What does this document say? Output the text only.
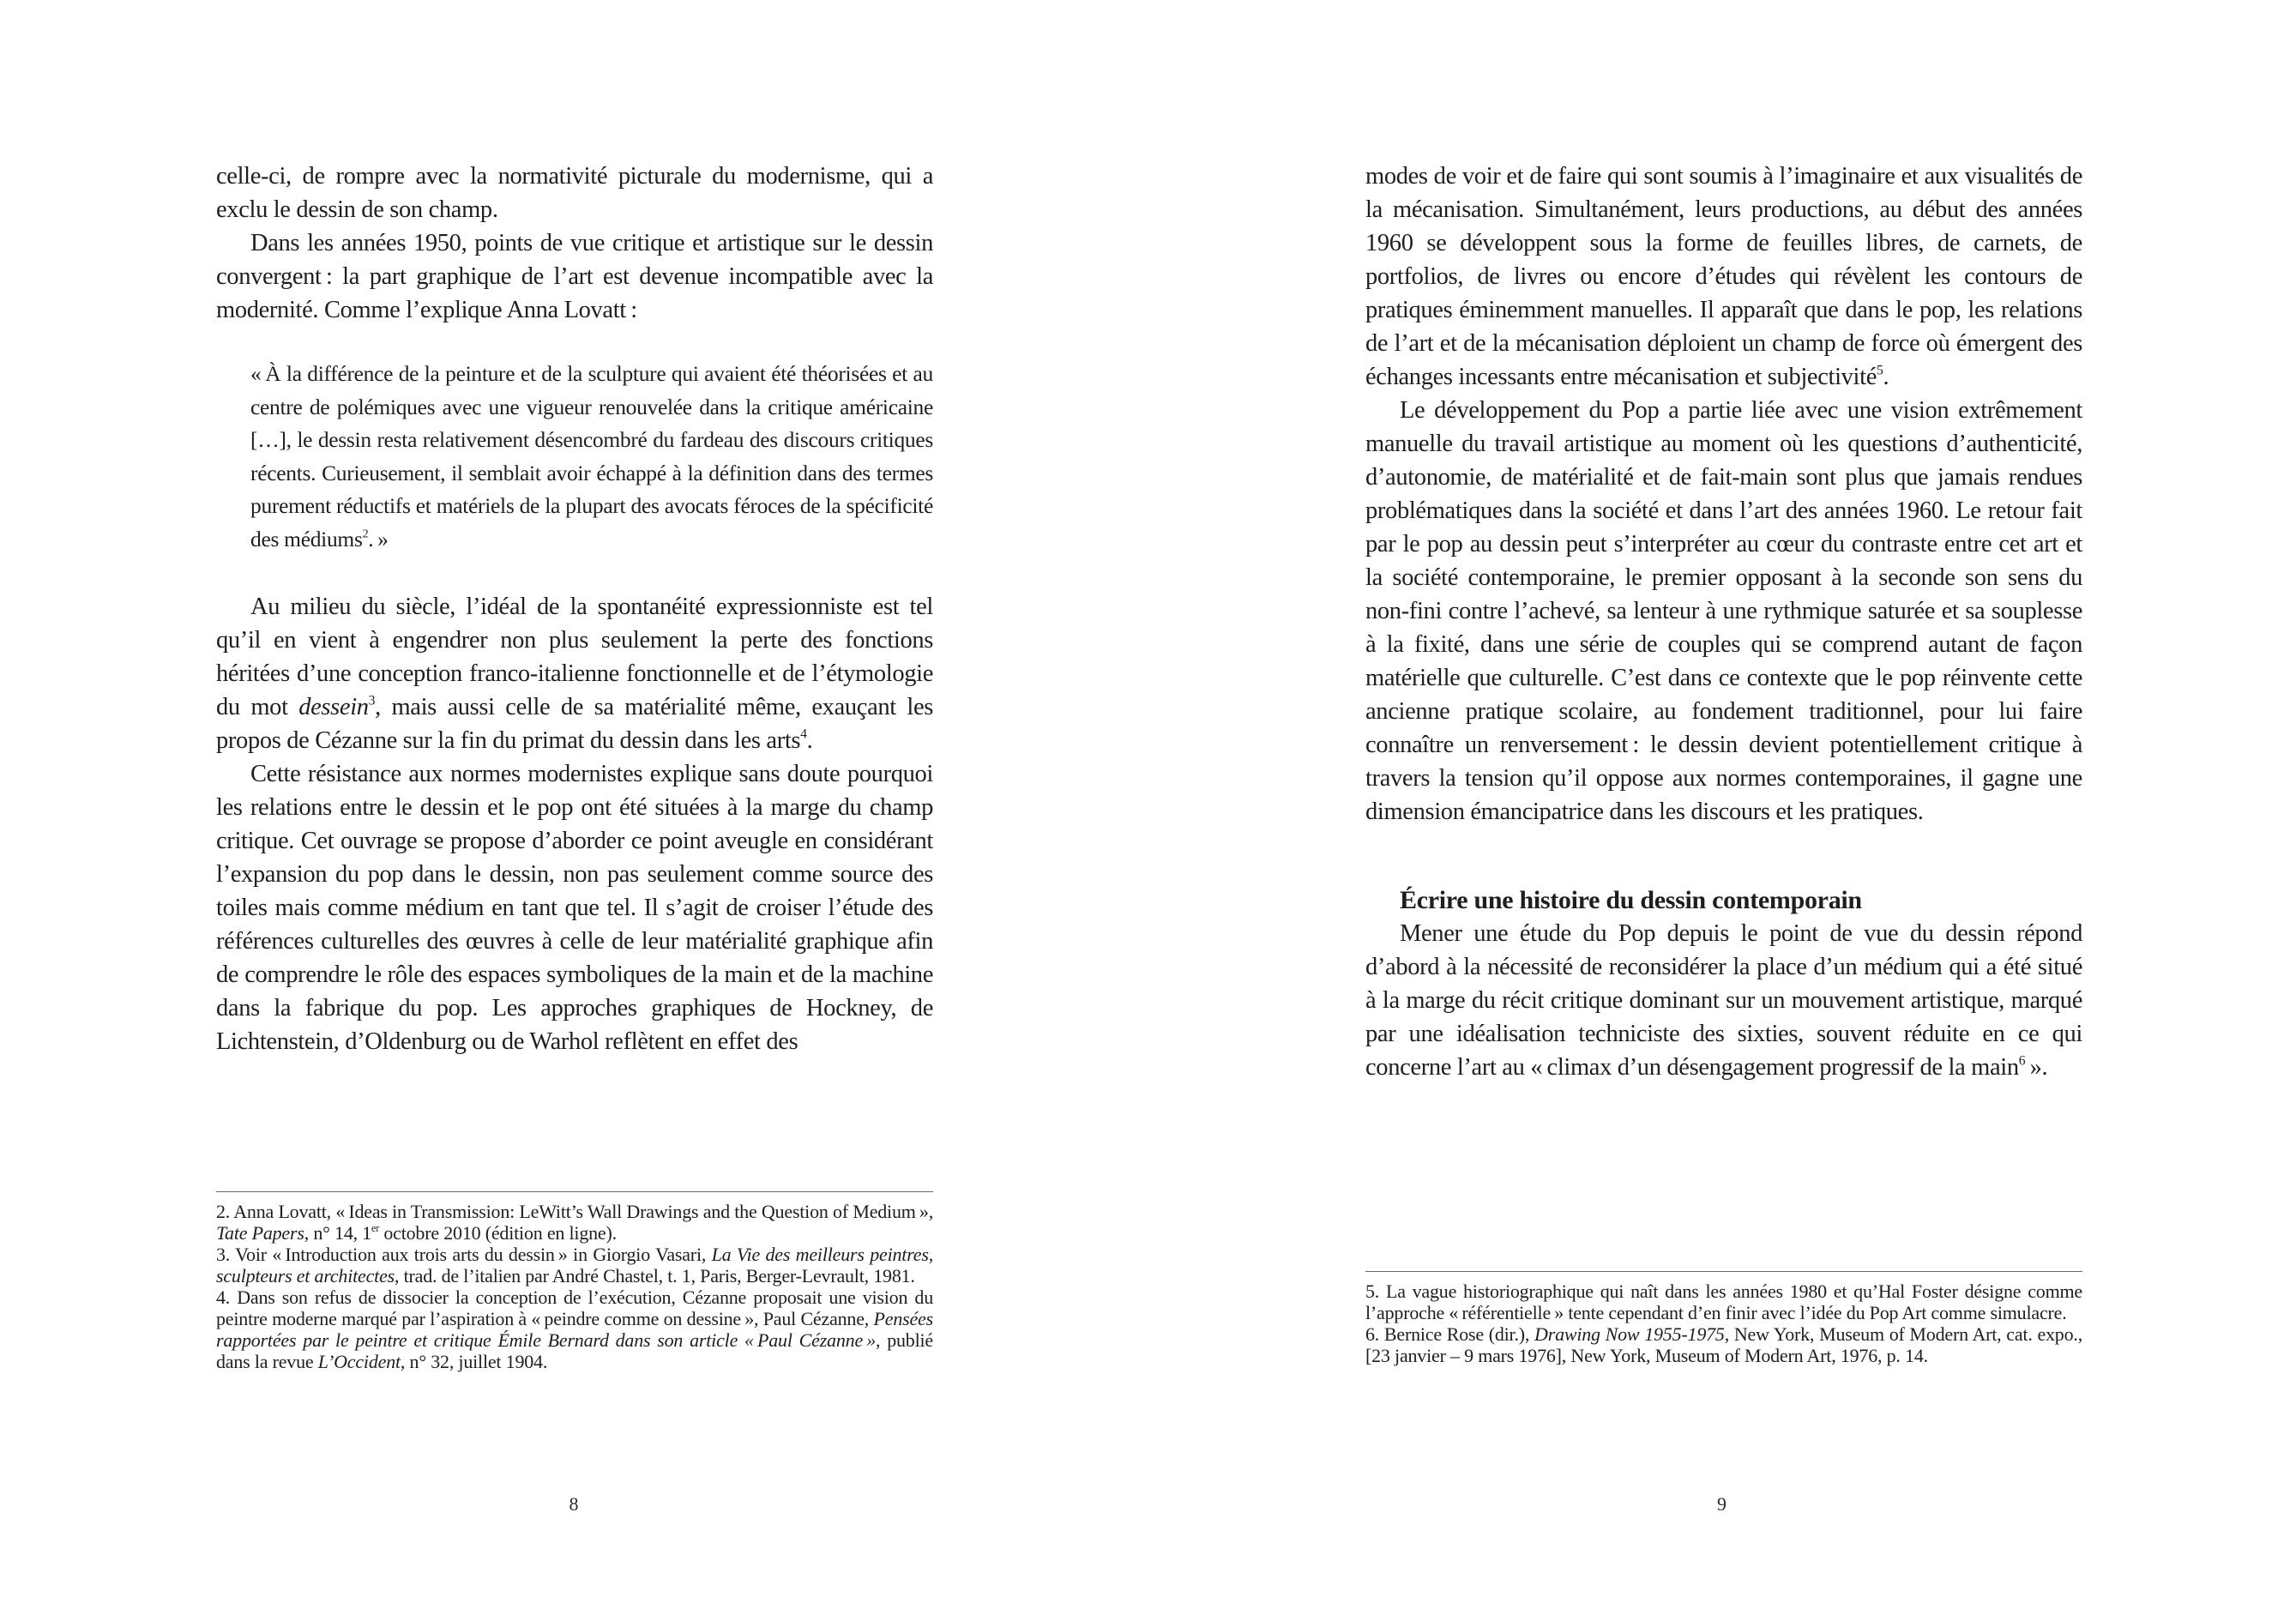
celle-ci, de rompre avec la normativité picturale du modernisme, qui a exclu le dessin de son champ.

Dans les années 1950, points de vue critique et artistique sur le dessin convergent : la part graphique de l’art est devenue incompatible avec la modernité. Comme l’explique Anna Lovatt :

« À la différence de la peinture et de la sculpture qui avaient été théorisées et au centre de polémiques avec une vigueur renouvelée dans la critique américaine […], le dessin resta relativement désencombré du fardeau des discours critiques récents. Curieusement, il semblait avoir échappé à la définition dans des termes purement réductifs et matériels de la plupart des avocats féroces de la spécificité des médiums$^2$. »

Au milieu du siècle, l’idéal de la spontanéité expressionniste est tel qu’il en vient à engendrer non plus seulement la perte des fonctions héritées d’une conception franco-italienne fonctionnelle et de l’étymologie du mot dessein$^3$, mais aussi celle de sa matérialité même, exauçant les propos de Cézanne sur la fin du primat du dessin dans les arts$^4$.

Cette résistance aux normes modernistes explique sans doute pourquoi les relations entre le dessin et le pop ont été situées à la marge du champ critique. Cet ouvrage se propose d’aborder ce point aveugle en considérant l’expansion du pop dans le dessin, non pas seulement comme source des toiles mais comme médium en tant que tel. Il s’agit de croiser l’étude des références culturelles des œuvres à celle de leur matérialité graphique afin de comprendre le rôle des espaces symboliques de la main et de la machine dans la fabrique du pop. Les approches graphiques de Hockney, de Lichtenstein, d’Oldenburg ou de Warhol reflètent en effet des

2. Anna Lovatt, « Ideas in Transmission: LeWitt’s Wall Drawings and the Question of Medium », Tate Papers, n° 14, 1er octobre 2010 (édition en ligne).

3. Voir « Introduction aux trois arts du dessin » in Giorgio Vasari, La Vie des meilleurs peintres, sculpteurs et architectes, trad. de l’italien par André Chastel, t. 1, Paris, Berger-Levrault, 1981.

4. Dans son refus de dissocier la conception de l’exécution, Cézanne proposait une vision du peintre moderne marqué par l’aspiration à « peindre comme on dessine », Paul Cézanne, Pensées rapportées par le peintre et critique Émile Bernard dans son article « Paul Cézanne », publié dans la revue L’Occident, n° 32, juillet 1904.

8

modes de voir et de faire qui sont soumis à l’imaginaire et aux visualités de la mécanisation. Simultanément, leurs productions, au début des années 1960 se développent sous la forme de feuilles libres, de carnets, de portfolios, de livres ou encore d’études qui révèlent les contours de pratiques éminemment manuelles. Il apparaît que dans le pop, les relations de l’art et de la mécanisation déploient un champ de force où émergent des échanges incessants entre mécanisation et subjectivité$^5$.

Le développement du Pop a partie liée avec une vision extrêmement manuelle du travail artistique au moment où les questions d’authenticité, d’autonomie, de matérialité et de fait-main sont plus que jamais rendues problématiques dans la société et dans l’art des années 1960. Le retour fait par le pop au dessin peut s’interpréter au cœur du contraste entre cet art et la société contemporaine, le premier opposant à la seconde son sens du non-fini contre l’achevé, sa lenteur à une rythmique saturée et sa souplesse à la fixité, dans une série de couples qui se comprend autant de façon matérielle que culturelle. C’est dans ce contexte que le pop réinvente cette ancienne pratique scolaire, au fondement traditionnel, pour lui faire connaître un renversement : le dessin devient potentiellement critique à travers la tension qu’il oppose aux normes contemporaines, il gagne une dimension émancipatrice dans les discours et les pratiques.

Écrire une histoire du dessin contemporain

Mener une étude du Pop depuis le point de vue du dessin répond d’abord à la nécessité de reconsidérer la place d’un médium qui a été situé à la marge du récit critique dominant sur un mouvement artistique, marqué par une idéalisation techniciste des sixties, souvent réduite en ce qui concerne l’art au « climax d’un désengagement progressif de la main$^6$ ».

5. La vague historiographique qui naît dans les années 1980 et qu’Hal Foster désigne comme l’approche « référentielle » tente cependant d’en finir avec l’idée du Pop Art comme simulacre.

6. Bernice Rose (dir.), Drawing Now 1955-1975, New York, Museum of Modern Art, cat. expo., [23 janvier – 9 mars 1976], New York, Museum of Modern Art, 1976, p. 14.

9
